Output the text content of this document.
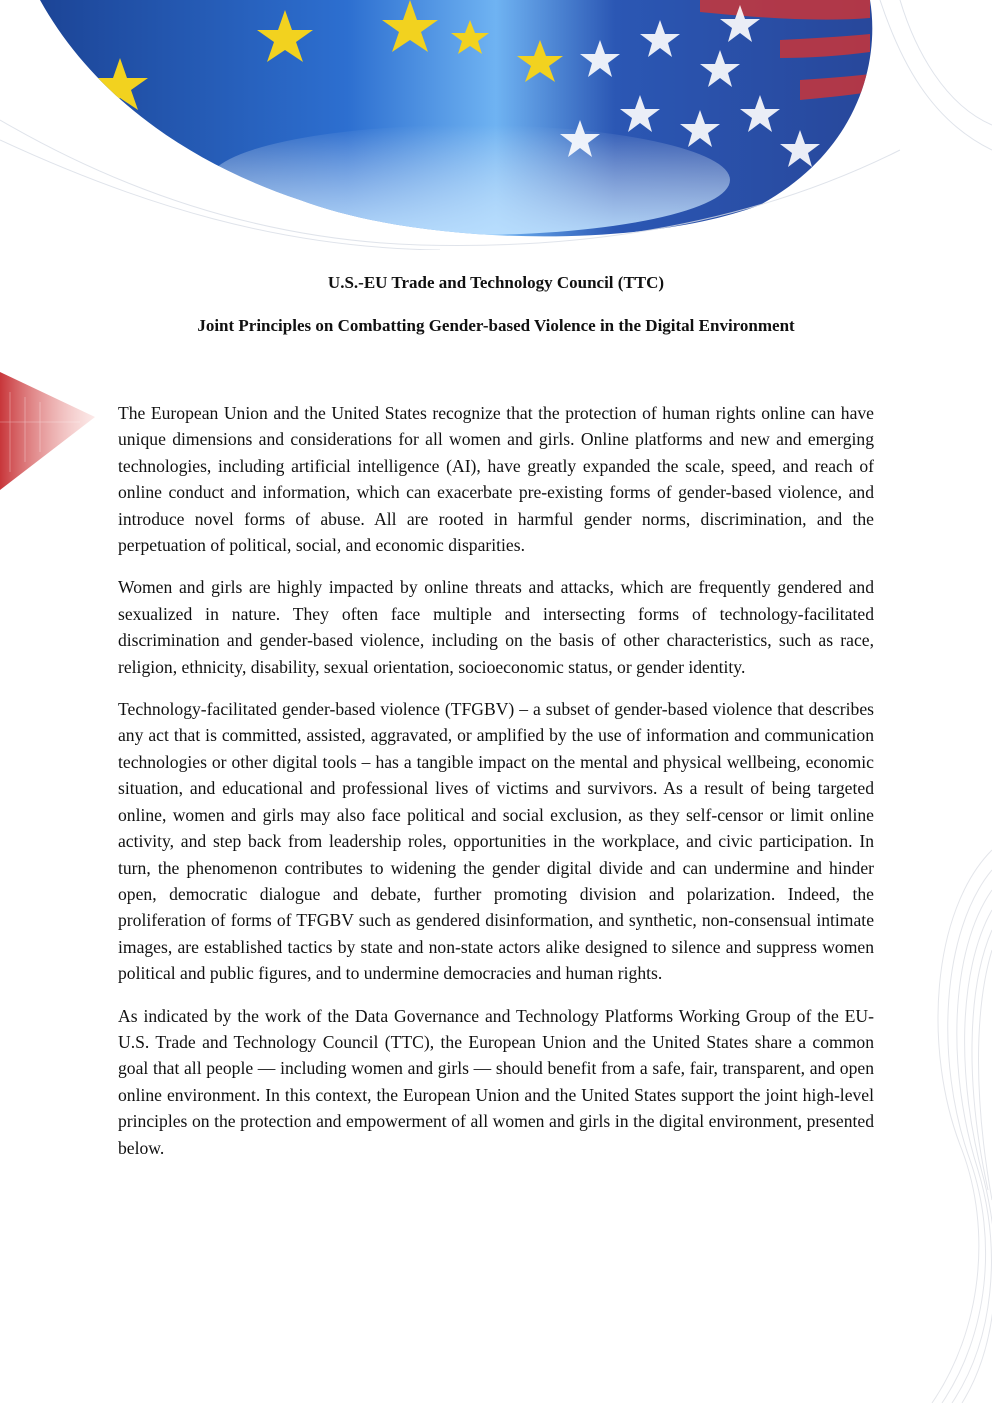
U.S.-EU Trade and Technology Council (TTC)
Joint Principles on Combatting Gender-based Violence in the Digital Environment

The European Union and the United States recognize that the protection of human rights online can have unique dimensions and considerations for all women and girls. Online platforms and new and emerging technologies, including artificial intelligence (AI), have greatly expanded the scale, speed, and reach of online conduct and information, which can exacerbate pre-existing forms of gender-based violence, and introduce novel forms of abuse. All are rooted in harmful gender norms, discrimination, and the perpetuation of political, social, and economic disparities.

Women and girls are highly impacted by online threats and attacks, which are frequently gendered and sexualized in nature. They often face multiple and intersecting forms of technology-facilitated discrimination and gender-based violence, including on the basis of other characteristics, such as race, religion, ethnicity, disability, sexual orientation, socioeconomic status, or gender identity.

Technology-facilitated gender-based violence (TFGBV) – a subset of gender-based violence that describes any act that is committed, assisted, aggravated, or amplified by the use of information and communication technologies or other digital tools – has a tangible impact on the mental and physical wellbeing, economic situation, and educational and professional lives of victims and survivors. As a result of being targeted online, women and girls may also face political and social exclusion, as they self-censor or limit online activity, and step back from leadership roles, opportunities in the workplace, and civic participation. In turn, the phenomenon contributes to widening the gender digital divide and can undermine and hinder open, democratic dialogue and debate, further promoting division and polarization. Indeed, the proliferation of forms of TFGBV such as gendered disinformation, and synthetic, non-consensual intimate images, are established tactics by state and non-state actors alike designed to silence and suppress women political and public figures, and to undermine democracies and human rights.

As indicated by the work of the Data Governance and Technology Platforms Working Group of the EU-U.S. Trade and Technology Council (TTC), the European Union and the United States share a common goal that all people — including women and girls — should benefit from a safe, fair, transparent, and open online environment. In this context, the European Union and the United States support the joint high-level principles on the protection and empowerment of all women and girls in the digital environment, presented below.
